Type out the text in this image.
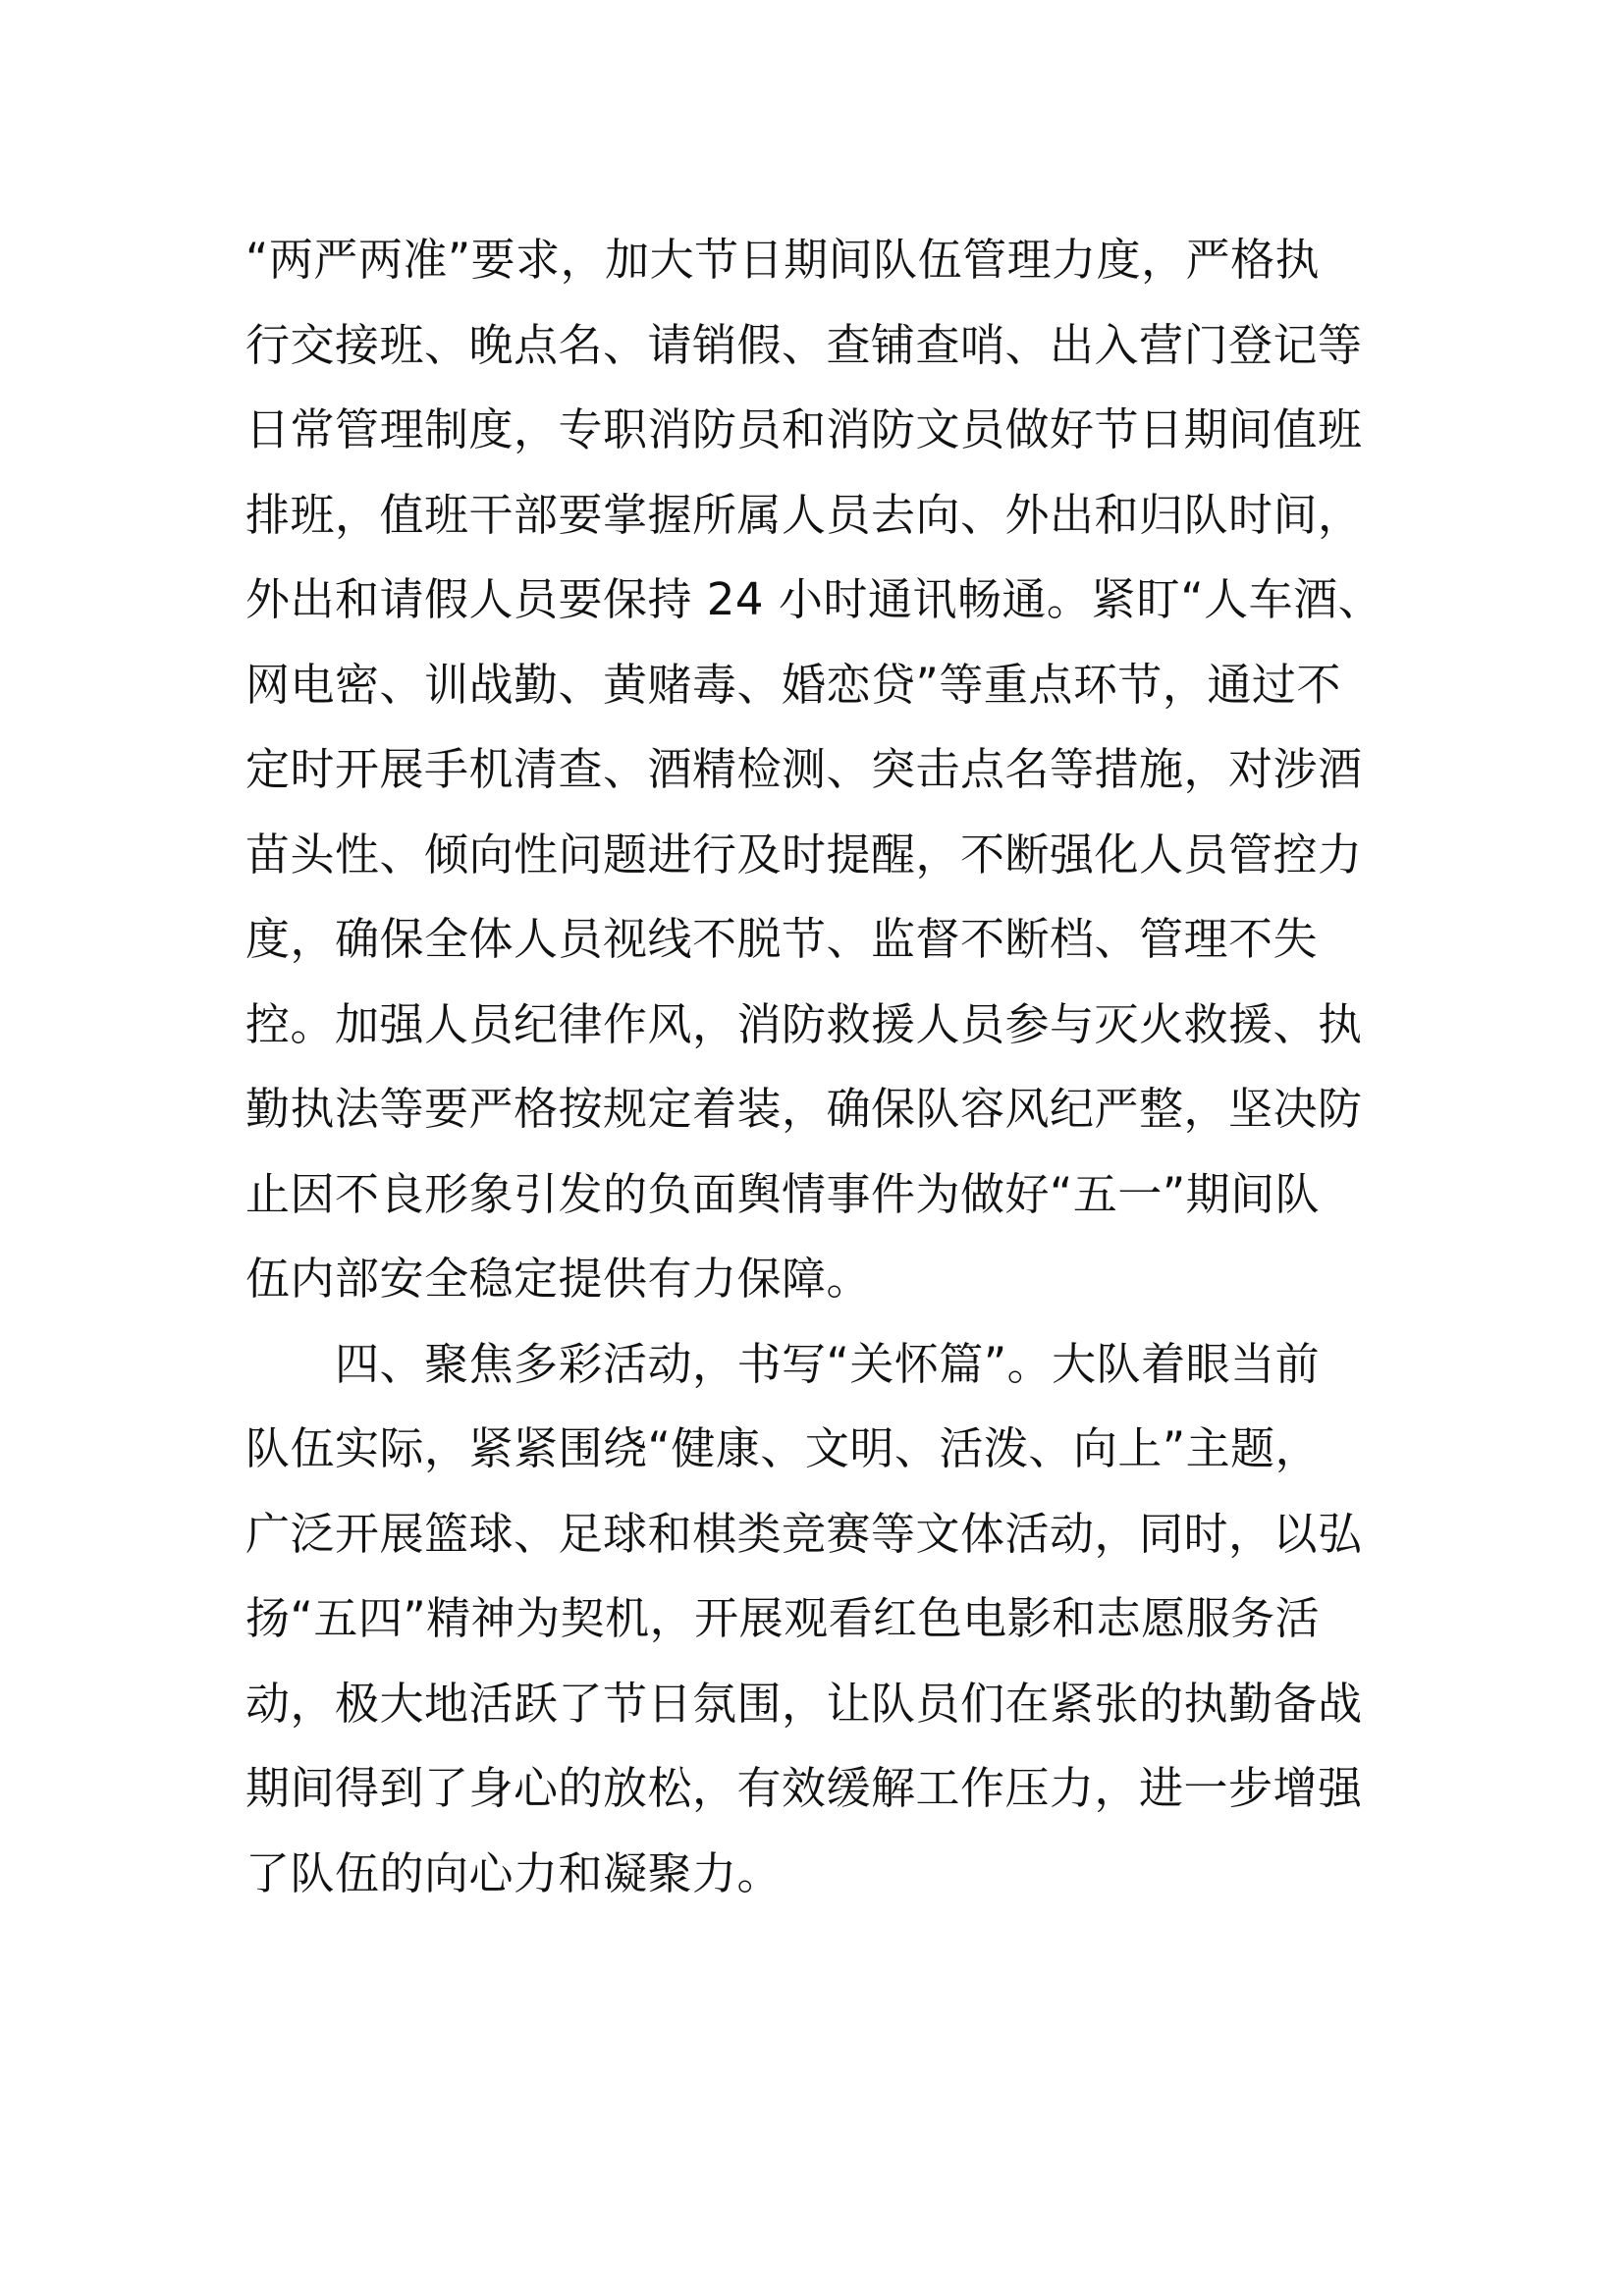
“两严两准”要求，加大节日期间队伍管理力度，严格执
行交接班、晚点名、请销假、查铺查哨、出入营门登记等
日常管理制度，专职消防员和消防文员做好节日期间值班
排班，值班干部要掌握所属人员去向、外出和归队时间，
外出和请假人员要保持 24 小时通讯畅通。紧盯“人车酒、
网电密、训战勤、黄赌毒、婚恋贷”等重点环节，通过不
定时开展手机清查、酒精检测、突击点名等措施，对涉酒
苗头性、倾向性问题进行及时提醒，不断强化人员管控力
度，确保全体人员视线不脱节、监督不断档、管理不失
控。加强人员纪律作风，消防救援人员参与灭火救援、执
勤执法等要严格按规定着装，确保队容风纪严整，坚决防
止因不良形象引发的负面舆情事件为做好“五一”期间队
伍内部安全稳定提供有力保障。
　　四、聚焦多彩活动，书写“关怀篇”。大队着眼当前
队伍实际，紧紧围绕“健康、文明、活泼、向上”主题，
广泛开展篮球、足球和棋类竞赛等文体活动，同时，以弘
扬“五四”精神为契机，开展观看红色电影和志愿服务活
动，极大地活跃了节日氛围，让队员们在紧张的执勤备战
期间得到了身心的放松，有效缓解工作压力，进一步增强
了队伍的向心力和凝聚力。
